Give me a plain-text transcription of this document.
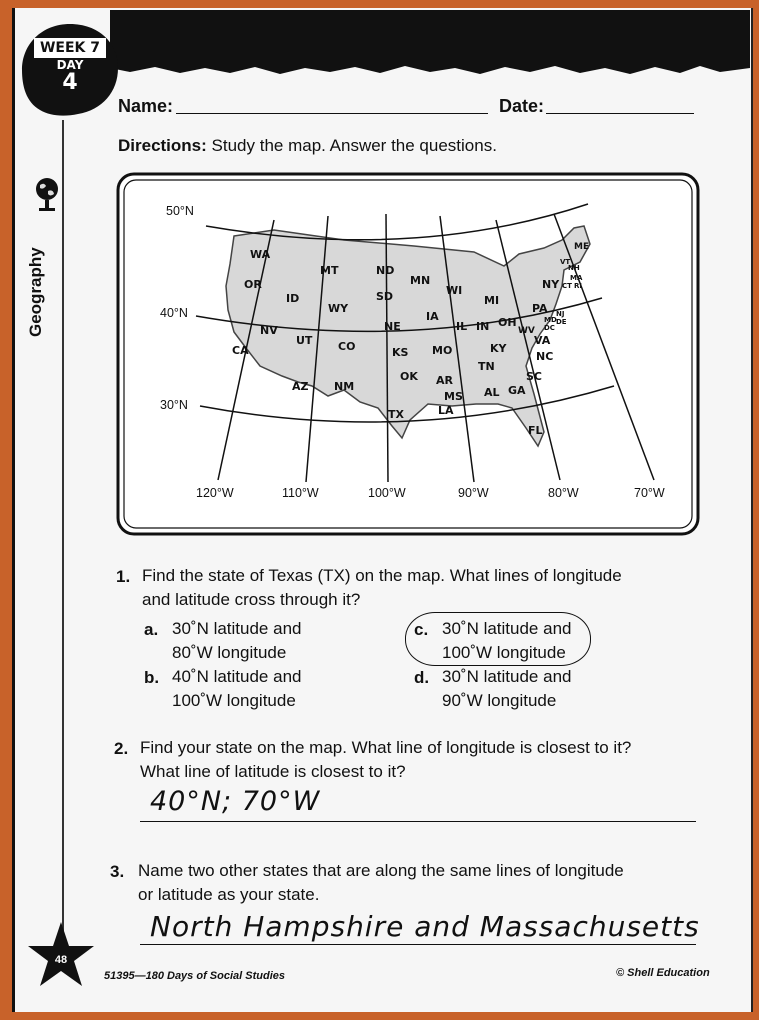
WEEK 7
DAY
4
Geography
Name:	Date:
Directions: Study the map. Answer the questions.
50°N
40°N
30°N
120°W	110°W	100°W	90°W	80°W	70°W
WA
OR
CA
ID
NV
MT
WY
UT
AZ
CO
NM
ND
SD
NE
KS
OK
TX
MN
IA
MO
AR
LA
WI
IL
MS
MI
IN
KY
TN
AL
OH
WV
VA
NC
SC
GA
FL
PA
NY
ME
MD
DC
DE
NJ
VT
NH
MA
CT RI
1. Find the state of Texas (TX) on the map. What lines of longitude
and latitude cross through it?
a. 30˚N latitude and
80˚W longitude
b. 40˚N latitude and
100˚W longitude
c. 30˚N latitude and
100˚W longitude
d. 30˚N latitude and
90˚W longitude
2. Find your state on the map. What line of longitude is closest to it?
What line of latitude is closest to it?
40°N; 70°W
3. Name two other states that are along the same lines of longitude
or latitude as your state.
North Hampshire and Massachusetts
48
51395—180 Days of Social Studies	© Shell Education
